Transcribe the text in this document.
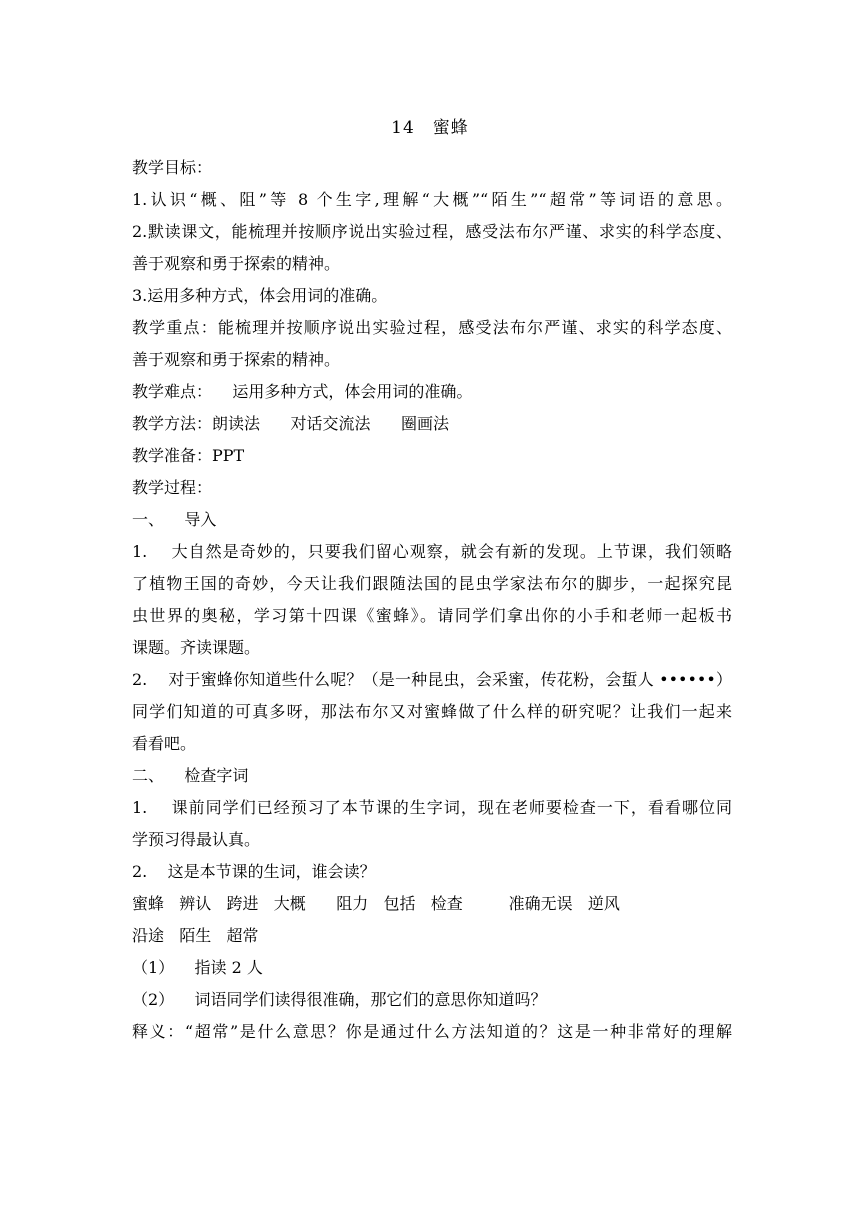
14　蜜蜂
教学目标：
1.认识“概、阻”等 8 个生字,理解“大概”“陌生”“超常”等词语的意思。
2.默读课文，能梳理并按顺序说出实验过程，感受法布尔严谨、求实的科学态度、
善于观察和勇于探索的精神。
3.运用多种方式，体会用词的准确。
教学重点：能梳理并按顺序说出实验过程，感受法布尔严谨、求实的科学态度、
善于观察和勇于探索的精神。
教学难点：    运用多种方式，体会用词的准确。
教学方法：朗读法      对话交流法      圈画法
教学准备：PPT
教学过程：
一、    导入
1.    大自然是奇妙的，只要我们留心观察，就会有新的发现。上节课，我们领略
了植物王国的奇妙，今天让我们跟随法国的昆虫学家法布尔的脚步，一起探究昆
虫世界的奥秘，学习第十四课《蜜蜂》。请同学们拿出你的小手和老师一起板书
课题。齐读课题。
2.    对于蜜蜂你知道些什么呢？（是一种昆虫，会采蜜，传花粉，会蜇人 ••••••）
同学们知道的可真多呀，那法布尔又对蜜蜂做了什么样的研究呢？让我们一起来
看看吧。
二、    检查字词
1.    课前同学们已经预习了本节课的生字词，现在老师要检查一下，看看哪位同
学预习得最认真。
2.    这是本节课的生词，谁会读？
蜜蜂   辨认   跨进   大概      阻力   包括   检查         准确无误   逆风
沿途   陌生   超常
（1）    指读 2 人
（2）    词语同学们读得很准确，那它们的意思你知道吗？
释义：“超常”是什么意思？你是通过什么方法知道的？这是一种非常好的理解
